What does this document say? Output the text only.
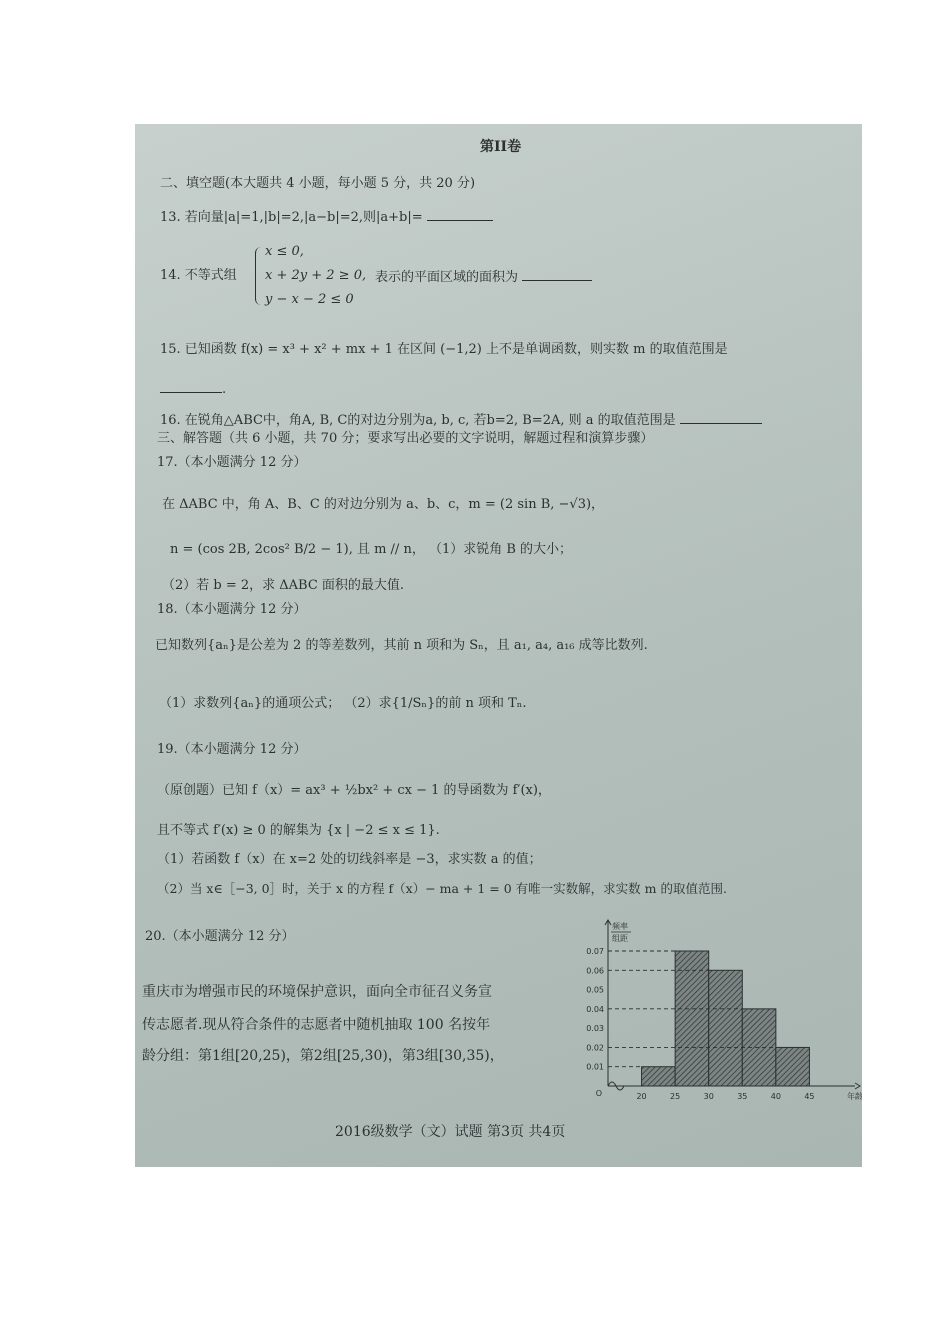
第II卷
二、填空题(本大题共 4 小题，每小题 5 分，共 20 分)
13. 若向量|a|=1,|b|=2,|a−b|=2,则|a+b|=
14. 不等式组
x ≤ 0,
x + 2y + 2 ≥ 0,
y − x − 2 ≤ 0
表示的平面区域的面积为
15. 已知函数 f(x) = x³ + x² + mx + 1 在区间 (−1,2) 上不是单调函数，则实数 m 的取值范围是
.
16. 在锐角△ABC中，角A, B, C的对边分别为a, b, c, 若b=2, B=2A, 则 a 的取值范围是
三、解答题（共 6 小题，共 70 分；要求写出必要的文字说明，解题过程和演算步骤）
17.（本小题满分 12 分）
在 ΔABC 中，角 A、B、C 的对边分别为 a、b、c，m = (2 sin B, −√3)，
n = (cos 2B, 2cos² B/2 − 1), 且 m // n， （1）求锐角 B 的大小；
（2）若 b = 2，求 ΔABC 面积的最大值.
18.（本小题满分 12 分）
已知数列{aₙ}是公差为 2 的等差数列，其前 n 项和为 Sₙ，且 a₁, a₄, a₁₆ 成等比数列.
（1）求数列{aₙ}的通项公式； （2）求{1/Sₙ}的前 n 项和 Tₙ.
19.（本小题满分 12 分）
（原创题）已知 f（x）= ax³ + ½bx² + cx − 1 的导函数为 f′(x)，
且不等式 f′(x) ≥ 0 的解集为 {x | −2 ≤ x ≤ 1}.
（1）若函数 f（x）在 x=2 处的切线斜率是 −3，求实数 a 的值；
（2）当 x∈［−3, 0］时，关于 x 的方程 f（x）− ma + 1 = 0 有唯一实数解，求实数 m 的取值范围.
20.（本小题满分 12 分）
重庆市为增强市民的环境保护意识，面向全市征召义务宣
传志愿者.现从符合条件的志愿者中随机抽取 100 名按年
龄分组：第1组[20,25)，第2组[25,30)，第3组[30,35)，
0.07
0.06
0.05
0.04
0.03
0.02
0.01
20	25	30	35	40	45
O
频率
组距
年龄
2016级数学（文）试题 第3页 共4页
